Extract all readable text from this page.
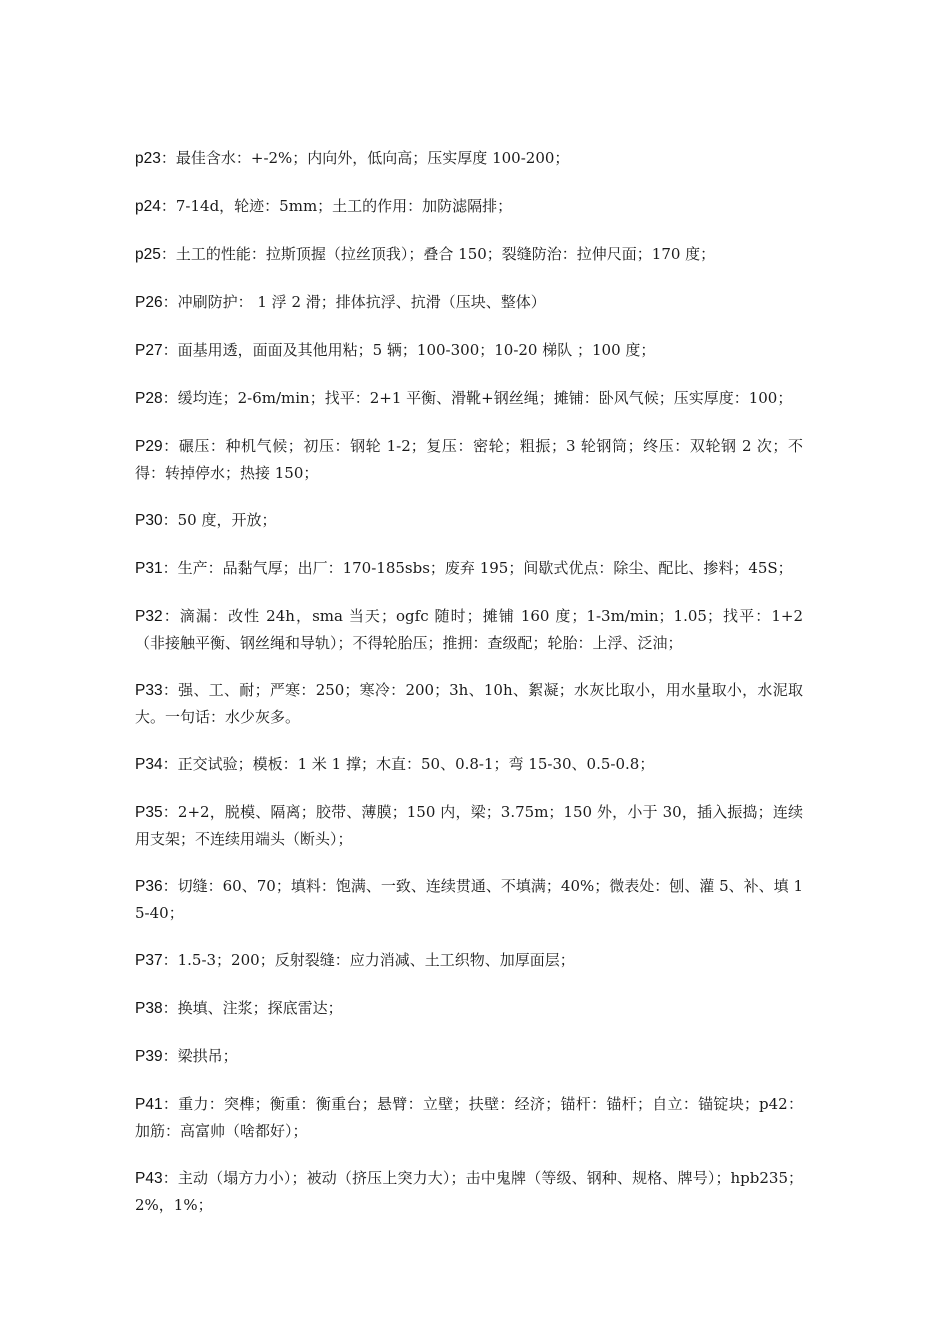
p23：最佳含水：+-2%；内向外，低向高；压实厚度 100-200；

p24：7-14d，轮迹：5mm；土工的作用：加防滤隔排；

p25：土工的性能：拉斯顶握（拉丝顶我）；叠合 150；裂缝防治：拉伸尺面；170 度；

P26：冲刷防护： 1 浮 2 滑；排体抗浮、抗滑（压块、整体）

P27：面基用透，面面及其他用粘；5 辆；100-300；10-20 梯队 ；100 度；

P28：缓均连；2-6m/min；找平：2+1 平衡、滑靴+钢丝绳；摊铺：卧风气候；压实厚度：100；

P29：碾压：种机气候；初压：钢轮 1-2；复压：密轮；粗振；3 轮钢筒；终压：双轮钢 2 次；不得：转掉停水；热接 150；

P30：50 度，开放；

P31：生产：品黏气厚；出厂：170-185sbs；废弃 195；间歇式优点：除尘、配比、掺料；45S；

P32：滴漏：改性 24h，sma 当天；ogfc 随时；摊铺 160 度；1-3m/min；1.05；找平：1+2（非接触平衡、钢丝绳和导轨）；不得轮胎压；推拥：查级配；轮胎：上浮、泛油；

P33：强、工、耐；严寒：250；寒冷：200；3h、10h、絮凝；水灰比取小，用水量取小，水泥取大。一句话：水少灰多。

P34：正交试验；模板：1 米 1 撑；木直：50、0.8-1；弯 15-30、0.5-0.8；

P35：2+2，脱模、隔离；胶带、薄膜；150 内，梁；3.75m；150 外，小于 30，插入振捣；连续用支架；不连续用端头（断头）；

P36：切缝：60、70；填料：饱满、一致、连续贯通、不填满；40%；微表处：刨、灌 5、补、填 15-40；

P37：1.5-3；200；反射裂缝：应力消减、土工织物、加厚面层；

P38：换填、注浆；探底雷达；

P39：梁拱吊；

P41：重力：突榫；衡重：衡重台；悬臂：立壁；扶壁：经济；锚杆：锚杆；自立：锚锭块；p42：加筋：高富帅（啥都好）；

P43：主动（塌方力小）；被动（挤压上突力大）；击中鬼牌（等级、钢种、规格、牌号）；hpb235；2%，1%；
